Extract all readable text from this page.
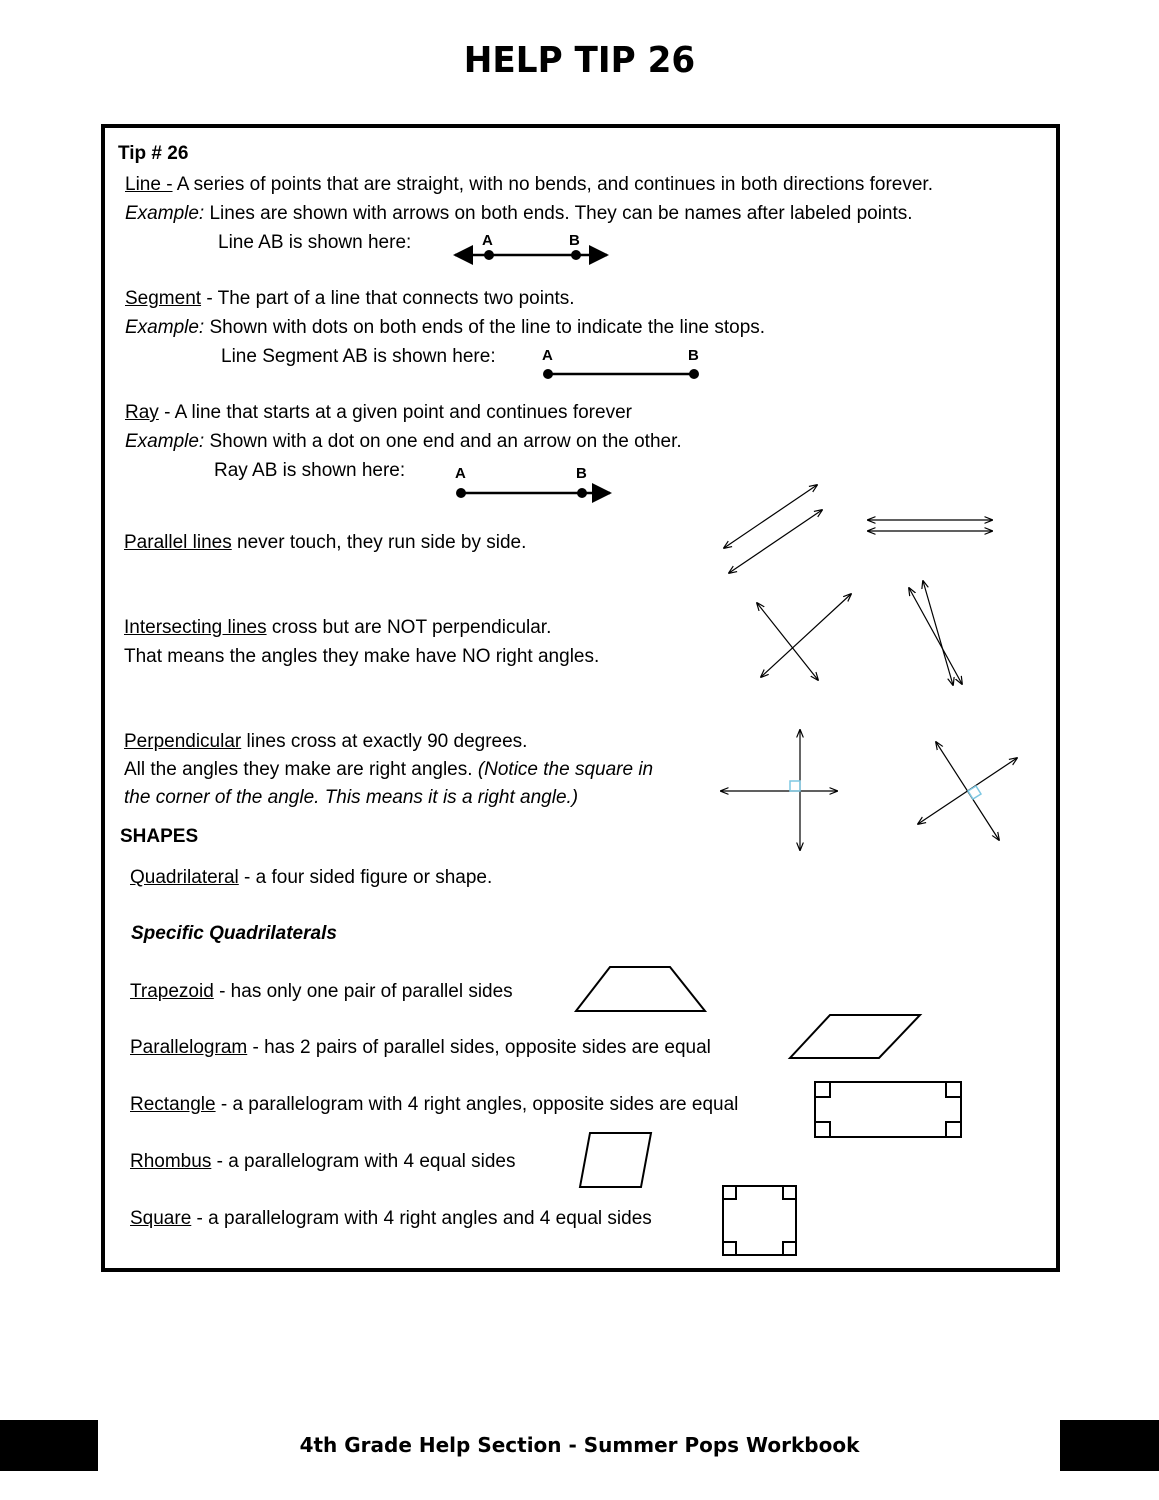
HELP TIP 26
Tip # 26
Line - A series of points that are straight, with no bends, and continues in both directions forever.
Example: Lines are shown with arrows on both ends. They can be names after labeled points.
Line AB is shown here:	A	B
Segment - The part of a line that connects two points.
Example: Shown with dots on both ends of the line to indicate the line stops.
Line Segment AB is shown here:	A	B
Ray - A line that starts at a given point and continues forever
Example: Shown with a dot on one end and an arrow on the other.
Ray AB is shown here:	A	B
Parallel lines never touch, they run side by side.
Intersecting lines cross but are NOT perpendicular.
That means the angles they make have NO right angles.
Perpendicular lines cross at exactly 90 degrees.
All the angles they make are right angles. (Notice the square in
the corner of the angle. This means it is a right angle.)
SHAPES
Quadrilateral - a four sided figure or shape.
Specific Quadrilaterals
Trapezoid - has only one pair of parallel sides
Parallelogram - has 2 pairs of parallel sides, opposite sides are equal
Rectangle - a parallelogram with 4 right angles, opposite sides are equal
Rhombus - a parallelogram with 4 equal sides
Square - a parallelogram with 4 right angles and 4 equal sides
4th Grade Help Section - Summer Pops Workbook
